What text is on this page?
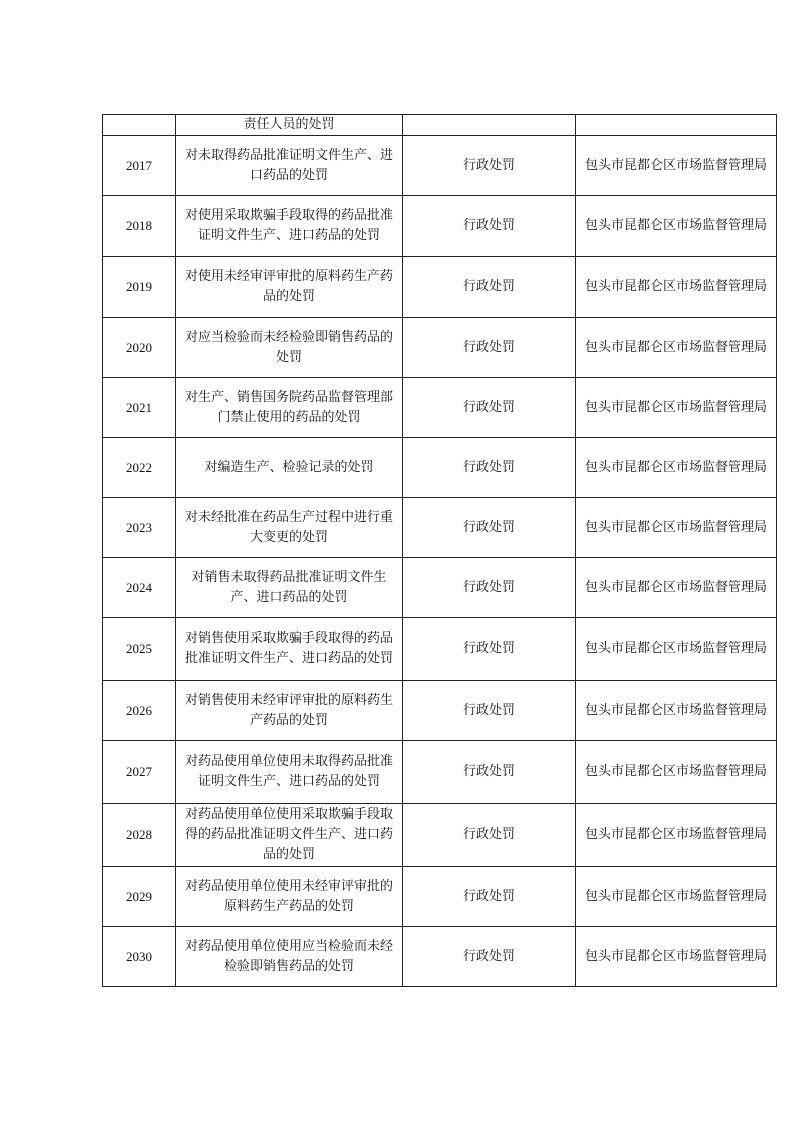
	责任人员的处罚		
2017	对未取得药品批准证明文件生产、进口药品的处罚	行政处罚	包头市昆都仑区市场监督管理局
2018	对使用采取欺骗手段取得的药品批准证明文件生产、进口药品的处罚	行政处罚	包头市昆都仑区市场监督管理局
2019	对使用未经审评审批的原料药生产药品的处罚	行政处罚	包头市昆都仑区市场监督管理局
2020	对应当检验而未经检验即销售药品的处罚	行政处罚	包头市昆都仑区市场监督管理局
2021	对生产、销售国务院药品监督管理部门禁止使用的药品的处罚	行政处罚	包头市昆都仑区市场监督管理局
2022	对编造生产、检验记录的处罚	行政处罚	包头市昆都仑区市场监督管理局
2023	对未经批准在药品生产过程中进行重大变更的处罚	行政处罚	包头市昆都仑区市场监督管理局
2024	对销售未取得药品批准证明文件生产、进口药品的处罚	行政处罚	包头市昆都仑区市场监督管理局
2025	对销售使用采取欺骗手段取得的药品批准证明文件生产、进口药品的处罚	行政处罚	包头市昆都仑区市场监督管理局
2026	对销售使用未经审评审批的原料药生产药品的处罚	行政处罚	包头市昆都仑区市场监督管理局
2027	对药品使用单位使用未取得药品批准证明文件生产、进口药品的处罚	行政处罚	包头市昆都仑区市场监督管理局
2028	对药品使用单位使用采取欺骗手段取得的药品批准证明文件生产、进口药品的处罚	行政处罚	包头市昆都仑区市场监督管理局
2029	对药品使用单位使用未经审评审批的原料药生产药品的处罚	行政处罚	包头市昆都仑区市场监督管理局
2030	对药品使用单位使用应当检验而未经检验即销售药品的处罚	行政处罚	包头市昆都仑区市场监督管理局
